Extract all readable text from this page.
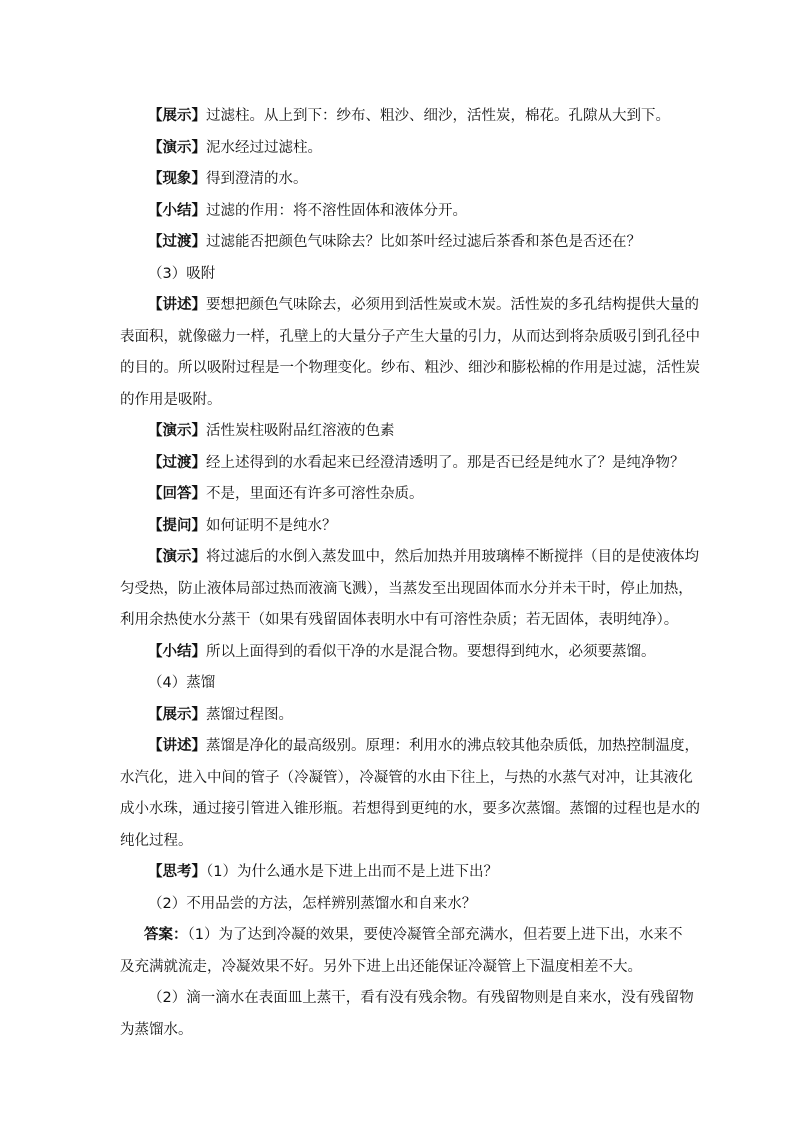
【展示】过滤柱。从上到下：纱布、粗沙、细沙，活性炭，棉花。孔隙从大到下。

【演示】泥水经过过滤柱。

【现象】得到澄清的水。

【小结】过滤的作用：将不溶性固体和液体分开。

【过渡】过滤能否把颜色气味除去？比如茶叶经过滤后茶香和茶色是否还在？

（3）吸附

【讲述】要想把颜色气味除去，必须用到活性炭或木炭。活性炭的多孔结构提供大量的

表面积，就像磁力一样，孔壁上的大量分子产生大量的引力，从而达到将杂质吸引到孔径中

的目的。所以吸附过程是一个物理变化。纱布、粗沙、细沙和膨松棉的作用是过滤，活性炭

的作用是吸附。

【演示】活性炭柱吸附品红溶液的色素

【过渡】经上述得到的水看起来已经澄清透明了。那是否已经是纯水了？是纯净物？

【回答】不是，里面还有许多可溶性杂质。

【提问】如何证明不是纯水？

【演示】将过滤后的水倒入蒸发皿中，然后加热并用玻璃棒不断搅拌（目的是使液体均

匀受热，防止液体局部过热而液滴飞溅），当蒸发至出现固体而水分并未干时，停止加热，

利用余热使水分蒸干（如果有残留固体表明水中有可溶性杂质；若无固体，表明纯净）。

【小结】所以上面得到的看似干净的水是混合物。要想得到纯水，必须要蒸馏。

（4）蒸馏

【展示】蒸馏过程图。

【讲述】蒸馏是净化的最高级别。原理：利用水的沸点较其他杂质低，加热控制温度，

水汽化，进入中间的管子（冷凝管），冷凝管的水由下往上，与热的水蒸气对冲，让其液化

成小水珠，通过接引管进入锥形瓶。若想得到更纯的水，要多次蒸馏。蒸馏的过程也是水的

纯化过程。

【思考】（1）为什么通水是下进上出而不是上进下出？

（2）不用品尝的方法，怎样辨别蒸馏水和自来水？

答案：（1）为了达到冷凝的效果，要使冷凝管全部充满水，但若要上进下出，水来不

及充满就流走，冷凝效果不好。另外下进上出还能保证冷凝管上下温度相差不大。

（2）滴一滴水在表面皿上蒸干，看有没有残余物。有残留物则是自来水，没有残留物

为蒸馏水。
